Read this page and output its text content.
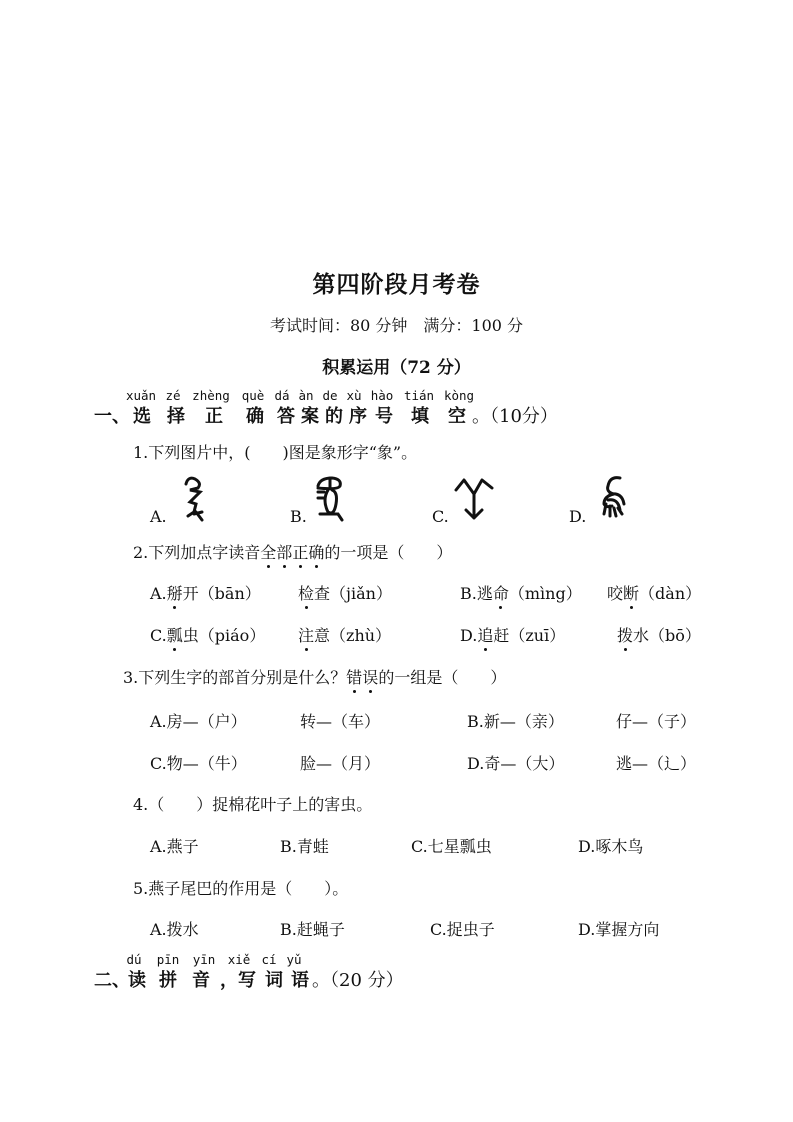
第四阶段月考卷
考试时间：80 分钟　满分：100 分
积累运用（72 分）
xuǎn zé zhèng què dá àn de xù hào tián kòng
一、 选 择 正 确 答 案 的 序 号 填 空 。（10分）
1.下列图片中，(　　)图是象形字“象”。
A.	B.	C.	D.
2.下列加点字读音全部正确的一项是（　　）
A.掰开（bān） 检查（jiǎn）	B.逃命（mìng） 咬断（dàn）
C.瓢虫（piáo） 注意（zhù）	D.追赶（zuī）	拨水（bō）
3.下列生字的部首分别是什么？错误的一组是（　　）
A.房—（户）	转—（车）	B.新—（亲）	仔—（子）
C.物—（牛）	脸—（月）	D.奇—（大）	逃—（辶）
4.（　　）捉棉花叶子上的害虫。
A.燕子	B.青蛙	C.七星瓢虫	D.啄木鸟
5.燕子尾巴的作用是（　　）。
A.拨水	B.赶蝇子	C.捉虫子	D.掌握方向
dú pīn yīn xiě cí yǔ
二、读 拼 音 ，写 词 语 。（20 分）
